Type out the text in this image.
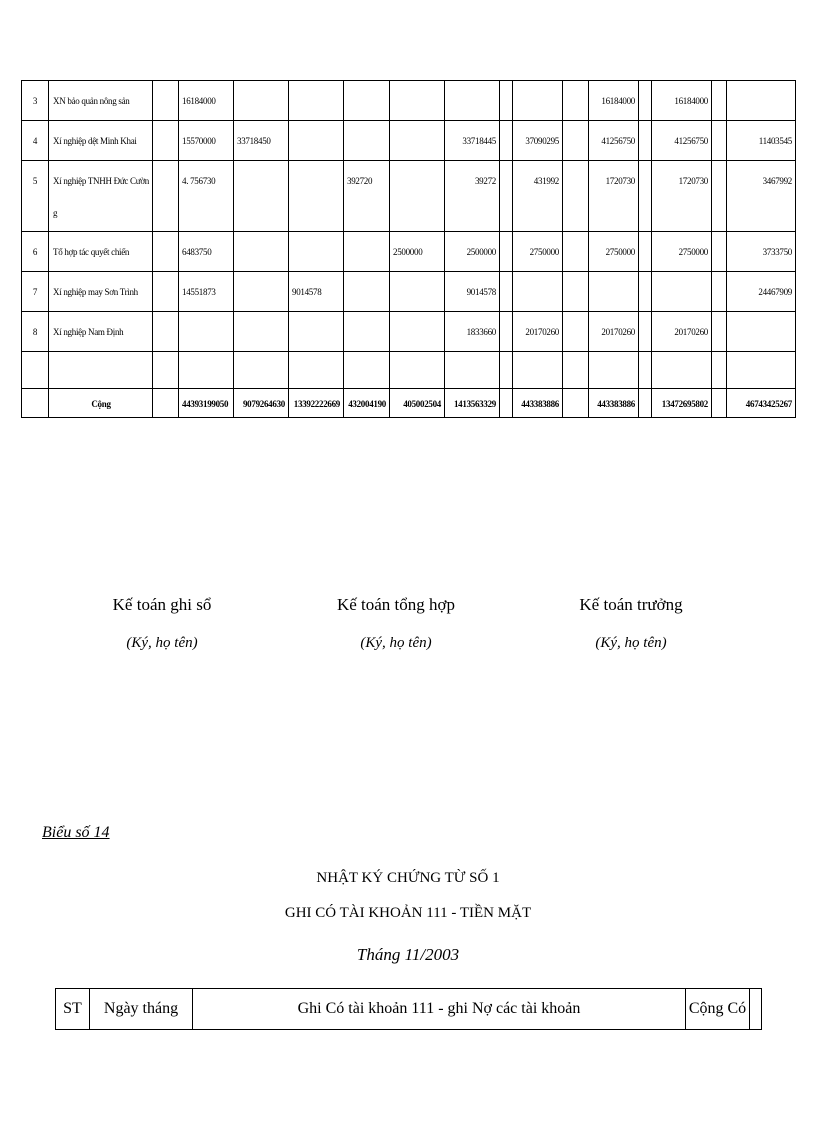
3	XN bảo quản nông sản		16184000									16184000		16184000		
4	Xí nghiệp dệt Minh Khai		15570000	33718450				33718445		37090295		41256750		41256750		11403545
5	Xí nghiệp TNHH Đức Cường		4. 756730			392720		39272		431992		1720730		1720730		3467992
6	Tổ hợp tác quyết chiến		6483750				2500000	2500000		2750000		2750000		2750000		3733750
7	Xí nghiệp may Sơn Trình		14551873		9014578			9014578								24467909
8	Xí nghiệp Nam Định							1833660		20170260		20170260		20170260		

	Cộng		44393199050	9079264630	13392222669	432004190	405002504	1413563329		443383886		443383886		13472695802		46743425267
Kế toán ghi sổ
(Ký, họ tên)
Kế toán tổng hợp
(Ký, họ tên)
Kế toán trưởng
(Ký, họ tên)
Biểu số 14
NHẬT KÝ CHỨNG TỪ SỐ 1
GHI CÓ TÀI KHOẢN 111 - TIỀN MẶT
Tháng 11/2003
ST	Ngày tháng	Ghi Có tài khoản 111 - ghi Nợ các tài khoản	Cộng Có	
